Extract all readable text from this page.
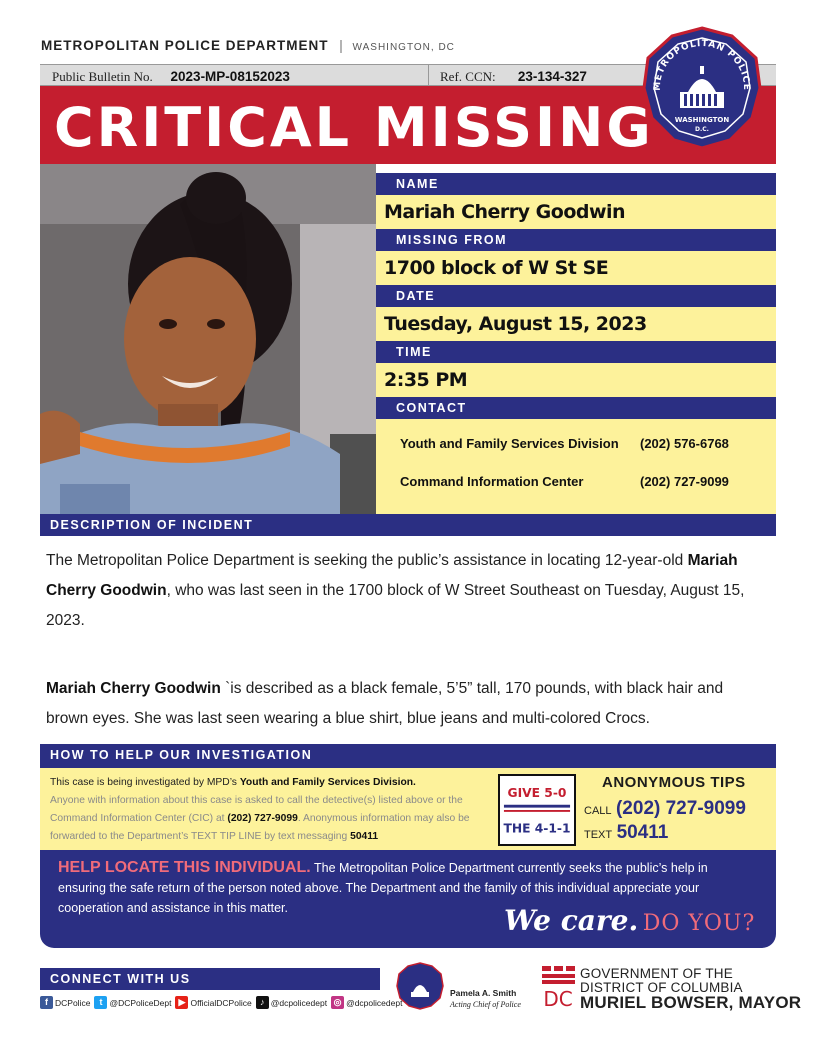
METROPOLITAN POLICE DEPARTMENT | WASHINGTON, DC
Public Bulletin No. 2023-MP-08152023	Ref. CCN: 23-134-327
CRITICAL MISSING
METROPOLITAN POLICE
WASHINGTON
D.C.
NAME
Mariah Cherry Goodwin
MISSING FROM
1700 block of W St SE
DATE
Tuesday, August 15, 2023
TIME
2:35 PM
CONTACT
Youth and Family Services Division (202) 576-6768
Command Information Center	(202) 727-9099
DESCRIPTION OF INCIDENT
The Metropolitan Police Department is seeking the public’s assistance in locating 12-year-old Mariah Cherry Goodwin, who was last seen in the 1700 block of W Street Southeast on Tuesday, August 15, 2023.
Mariah Cherry Goodwin `is described as a black female, 5’5” tall, 170 pounds, with black hair and brown eyes. She was last seen wearing a blue shirt, blue jeans and multi-colored Crocs.
HOW TO HELP OUR INVESTIGATION
This case is being investigated by MPD’s Youth and Family Services Division.
Anyone with information about this case is asked to call the detective(s) listed above or the Command Information Center (CIC) at (202) 727-9099. Anonymous information may also be forwarded to the Department’s TEXT TIP LINE by text messaging 50411
GIVE 5-0
THE 4-1-1
ANONYMOUS TIPS
CALL (202) 727-9099
TEXT 50411
HELP LOCATE THIS INDIVIDUAL. The Metropolitan Police Department currently seeks the public’s help in ensuring the safe return of the person noted above. The Department and the family of this individual appreciate your cooperation and assistance in this matter.	We care. DO YOU?
CONNECT WITH US
f DCPolice	t @DCPoliceDept ▶ OfficialDCPolice ♪ @dcpolicedept ◎ @dcpolicedept
Pamela A. Smith
Acting Chief of Police DC
GOVERNMENT OF THE
DISTRICT OF COLUMBIA
MURIEL BOWSER, MAYOR
